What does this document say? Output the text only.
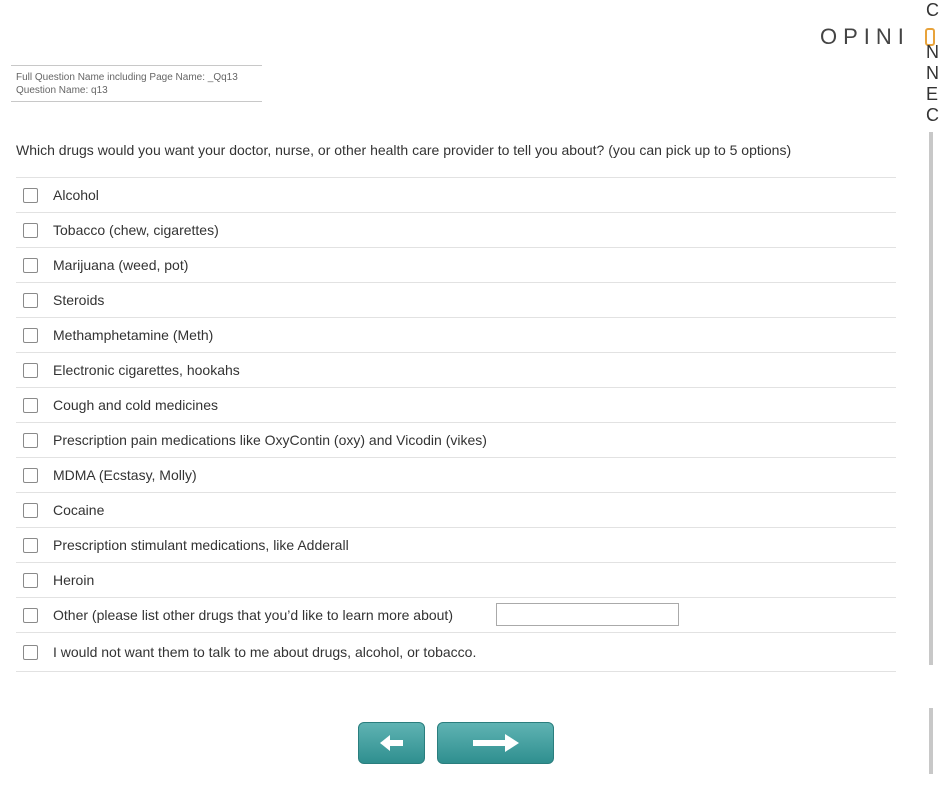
OPINI
C

N
N
E
C
Full Question Name including Page Name: _Qq13
Question Name: q13
Which drugs would you want your doctor, nurse, or other health care provider to tell you about? (you can pick up to 5 options)
Alcohol
Tobacco (chew, cigarettes)
Marijuana (weed, pot)
Steroids
Methamphetamine (Meth)
Electronic cigarettes, hookahs
Cough and cold medicines
Prescription pain medications like OxyContin (oxy) and Vicodin (vikes)
MDMA (Ecstasy, Molly)
Cocaine
Prescription stimulant medications, like Adderall
Heroin
Other (please list other drugs that you’d like to learn more about)
I would not want them to talk to me about drugs, alcohol, or tobacco.
